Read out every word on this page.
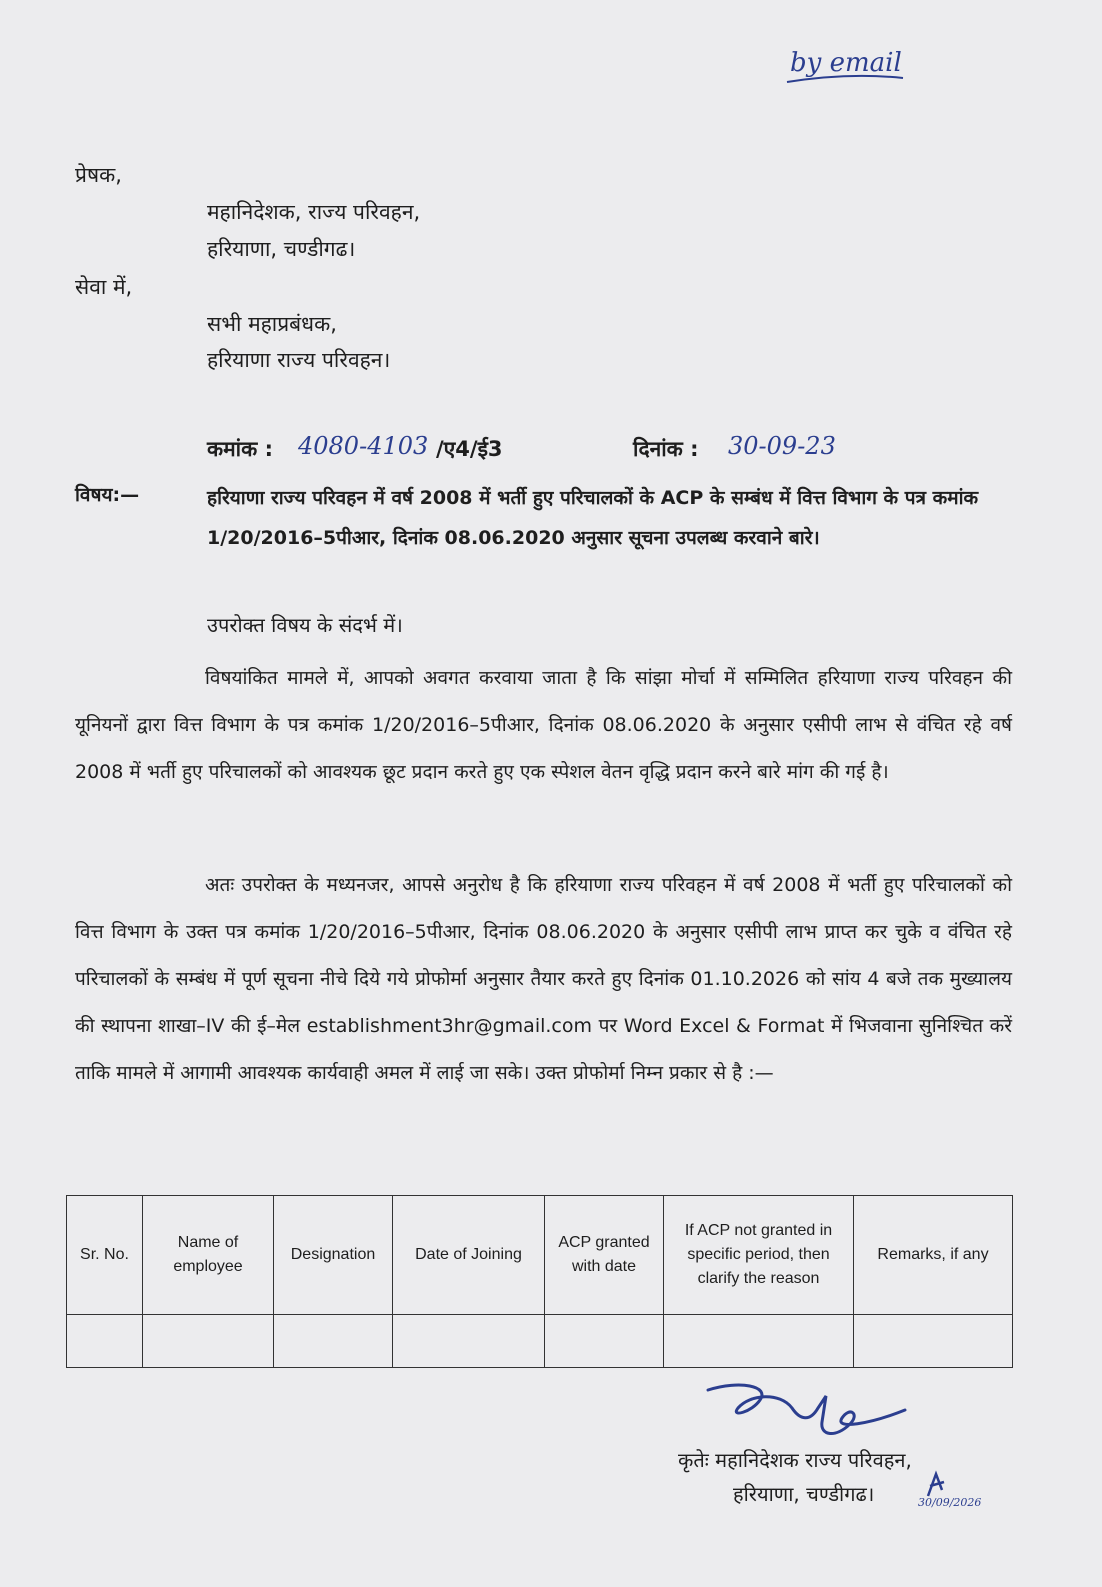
by email
प्रेषक,
महानिदेशक, राज्य परिवहन,
हरियाणा, चण्डीगढ।
सेवा में,
सभी महाप्रबंधक,
हरियाणा राज्य परिवहन।
कमांक : 4080-4103 /ए4/ई3	दिनांक : 30-09-23
विषय:—	हरियाणा राज्य परिवहन में वर्ष 2008 में भर्ती हुए परिचालकों के ACP के सम्बंध में वित्त विभाग के पत्र कमांक 1/20/2016–5पीआर, दिनांक 08.06.2020 अनुसार सूचना उपलब्ध करवाने बारे।
उपरोक्त विषय के संदर्भ में।
विषयांकित मामले में, आपको अवगत करवाया जाता है कि सांझा मोर्चा में सम्मिलित हरियाणा राज्य परिवहन की यूनियनों द्वारा वित्त विभाग के पत्र कमांक 1/20/2016–5पीआर, दिनांक 08.06.2020 के अनुसार एसीपी लाभ से वंचित रहे वर्ष 2008 में भर्ती हुए परिचालकों को आवश्यक छूट प्रदान करते हुए एक स्पेशल वेतन वृद्धि प्रदान करने बारे मांग की गई है।
अतः उपरोक्त के मध्यनजर, आपसे अनुरोध है कि हरियाणा राज्य परिवहन में वर्ष 2008 में भर्ती हुए परिचालकों को वित्त विभाग के उक्त पत्र कमांक 1/20/2016–5पीआर, दिनांक 08.06.2020 के अनुसार एसीपी लाभ प्राप्त कर चुके व वंचित रहे परिचालकों के सम्बंध में पूर्ण सूचना नीचे दिये गये प्रोफोर्मा अनुसार तैयार करते हुए दिनांक 01.10.2026 को सांय 4 बजे तक मुख्यालय की स्थापना शाखा–IV की ई–मेल establishment3hr@gmail.com पर Word Excel & Format में भिजवाना सुनिश्चित करें ताकि मामले में आगामी आवश्यक कार्यवाही अमल में लाई जा सके। उक्त प्रोफोर्मा निम्न प्रकार से है :—
Sr. No.	Name of employee	Designation	Date of Joining	ACP granted with date	If ACP not granted in specific period, then clarify the reason	Remarks, if any

कृतेः महानिदेशक राज्य परिवहन,
हरियाणा, चण्डीगढ।	30/09/2026
